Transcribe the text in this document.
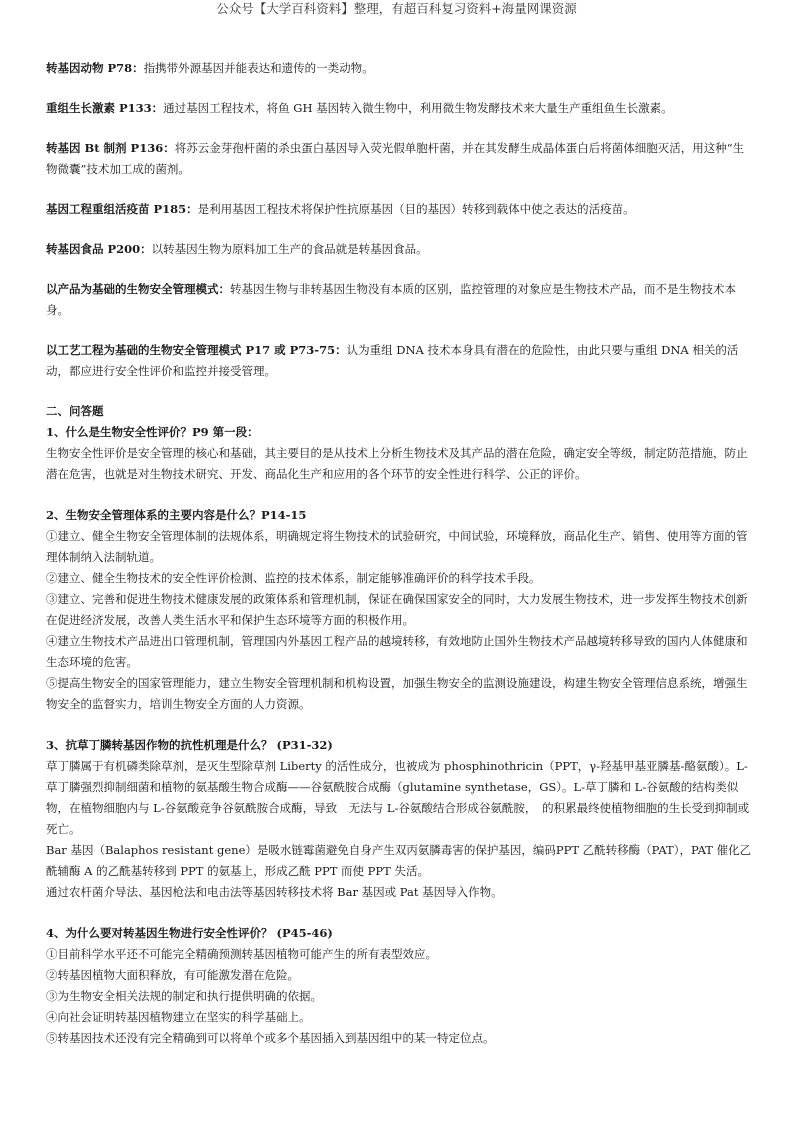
公众号【大学百科资料】整理，有超百科复习资料+海量网课资源

转基因动物 P78：指携带外源基因并能表达和遗传的一类动物。

重组生长激素 P133：通过基因工程技术，将鱼 GH 基因转入微生物中，利用微生物发酵技术来大量生产重组鱼生长激素。

转基因 Bt 制剂 P136：将苏云金芽孢杆菌的杀虫蛋白基因导入荧光假单胞杆菌，并在其发酵生成晶体蛋白后将菌体细胞灭活，用这种“生物微囊”技术加工成的菌剂。

基因工程重组活疫苗 P185：是利用基因工程技术将保护性抗原基因（目的基因）转移到载体中使之表达的活疫苗。

转基因食品 P200：以转基因生物为原料加工生产的食品就是转基因食品。

以产品为基础的生物安全管理模式：转基因生物与非转基因生物没有本质的区别，监控管理的对象应是生物技术产品，而不是生物技术本身。

以工艺工程为基础的生物安全管理模式 P17 或 P73-75：认为重组 DNA 技术本身具有潜在的危险性，由此只要与重组 DNA 相关的活动，都应进行安全性评价和监控并接受管理。

二、问答题

1、什么是生物安全性评价？P9 第一段：

生物安全性评价是安全管理的核心和基础，其主要目的是从技术上分析生物技术及其产品的潜在危险，确定安全等级，制定防范措施，防止潜在危害，也就是对生物技术研究、开发、商品化生产和应用的各个环节的安全性进行科学、公正的评价。

2、生物安全管理体系的主要内容是什么？P14-15

①建立、健全生物安全管理体制的法规体系，明确规定将生物技术的试验研究，中间试验，环境释放，商品化生产、销售、使用等方面的管理体制纳入法制轨道。

②建立、健全生物技术的安全性评价检测、监控的技术体系，制定能够准确评价的科学技术手段。

③建立、完善和促进生物技术健康发展的政策体系和管理机制，保证在确保国家安全的同时，大力发展生物技术，进一步发挥生物技术创新在促进经济发展，改善人类生活水平和保护生态环境等方面的积极作用。

④建立生物技术产品进出口管理机制，管理国内外基因工程产品的越境转移，有效地防止国外生物技术产品越境转移导致的国内人体健康和生态环境的危害。

⑤提高生物安全的国家管理能力，建立生物安全管理机制和机构设置，加强生物安全的监测设施建设，构建生物安全管理信息系统，增强生物安全的监督实力，培训生物安全方面的人力资源。

3、抗草丁膦转基因作物的抗性机理是什么？ (P31-32)

草丁膦属于有机磷类除草剂，是灭生型除草剂 Liberty 的活性成分，也被成为 phosphinothricin（PPT，γ-羟基甲基亚膦基-酪氨酸）。L-草丁膦强烈抑制细菌和植物的氨基酸生物合成酶——谷氨酰胺合成酶（glutamine synthetase，GS）。L-草丁膦和 L-谷氨酸的结构类似物，在植物细胞内与 L-谷氨酸竞争谷氨酰胺合成酶，导致　无法与 L-谷氨酸结合形成谷氨酰胺，　的积累最终使植物细胞的生长受到抑制或死亡。

Bar 基因（Balaphos resistant gene）是吸水链霉菌避免自身产生双丙氨膦毒害的保护基因，编码PPT 乙酰转移酶（PAT），PAT 催化乙酰辅酶 A 的乙酰基转移到 PPT 的氨基上，形成乙酰 PPT 而使 PPT 失活。

通过农杆菌介导法、基因枪法和电击法等基因转移技术将 Bar 基因或 Pat 基因导入作物。

4、为什么要对转基因生物进行安全性评价？ (P45-46)

①目前科学水平还不可能完全精确预测转基因植物可能产生的所有表型效应。

②转基因植物大面积释放，有可能激发潜在危险。

③为生物安全相关法规的制定和执行提供明确的依据。

④向社会证明转基因植物建立在坚实的科学基础上。

⑤转基因技术还没有完全精确到可以将单个或多个基因插入到基因组中的某一特定位点。
